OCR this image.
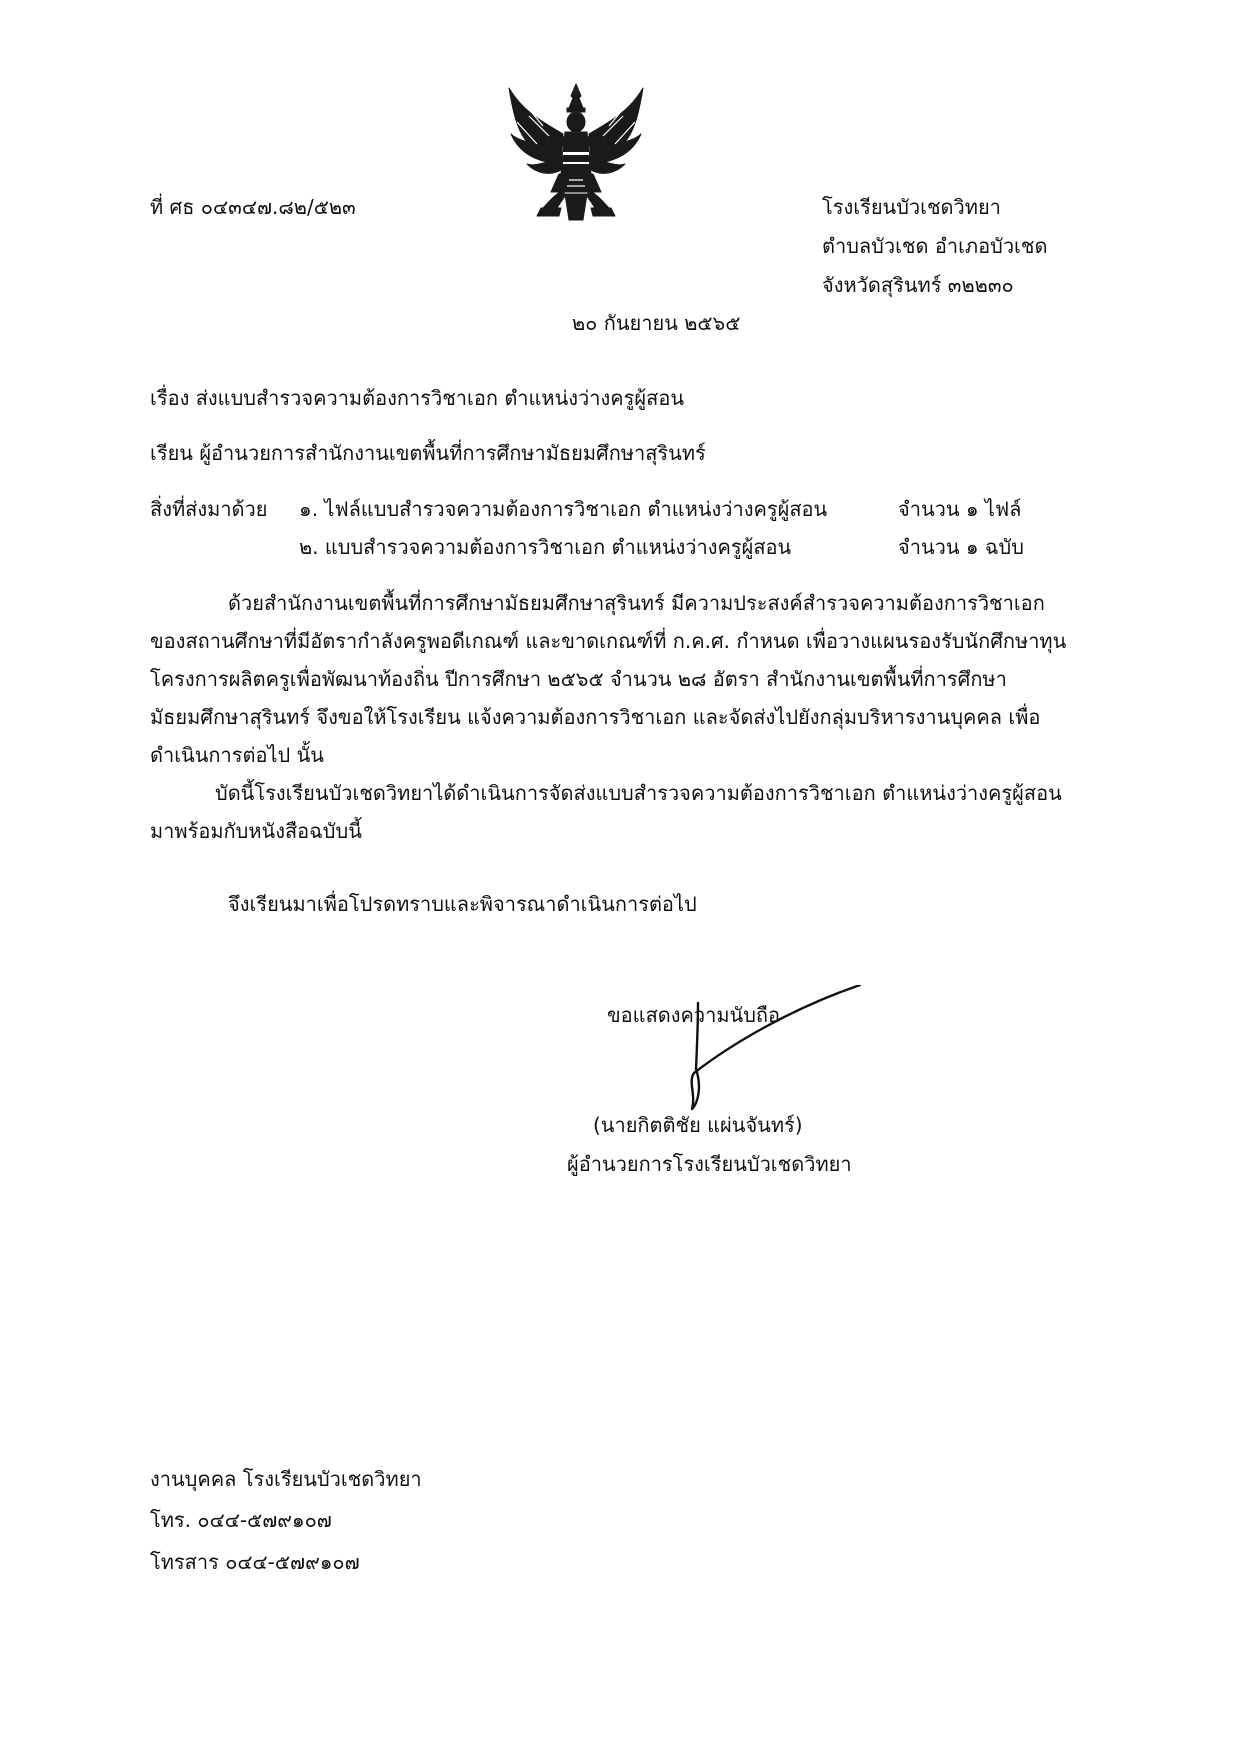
ที่ ศธ ๐๔๓๔๗.๘๒/๕๒๓	โรงเรียนบัวเชดวิทยา
ตำบลบัวเชด อำเภอบัวเชด
จังหวัดสุรินทร์ ๓๒๒๓๐
๒๐ กันยายน ๒๕๖๕
เรื่อง ส่งแบบสำรวจความต้องการวิชาเอก ตำแหน่งว่างครูผู้สอน
เรียน ผู้อำนวยการสำนักงานเขตพื้นที่การศึกษามัธยมศึกษาสุรินทร์
สิ่งที่ส่งมาด้วย ๑. ไฟล์แบบสำรวจความต้องการวิชาเอก ตำแหน่งว่างครูผู้สอน	จำนวน ๑ ไฟล์
๒. แบบสำรวจความต้องการวิชาเอก ตำแหน่งว่างครูผู้สอน	จำนวน ๑ ฉบับ
ด้วยสำนักงานเขตพื้นที่การศึกษามัธยมศึกษาสุรินทร์ มีความประสงค์สำรวจความต้องการวิชาเอก
ของสถานศึกษาที่มีอัตรากำลังครูพอดีเกณฑ์ และขาดเกณฑ์ที่ ก.ค.ศ. กำหนด เพื่อวางแผนรองรับนักศึกษาทุน
โครงการผลิตครูเพื่อพัฒนาท้องถิ่น ปีการศึกษา ๒๕๖๕ จำนวน ๒๘ อัตรา สำนักงานเขตพื้นที่การศึกษา
มัธยมศึกษาสุรินทร์ จึงขอให้โรงเรียน แจ้งความต้องการวิชาเอก และจัดส่งไปยังกลุ่มบริหารงานบุคคล เพื่อ
ดำเนินการต่อไป นั้น
บัดนี้โรงเรียนบัวเชดวิทยาได้ดำเนินการจัดส่งแบบสำรวจความต้องการวิชาเอก ตำแหน่งว่างครูผู้สอน
มาพร้อมกับหนังสือฉบับนี้
จึงเรียนมาเพื่อโปรดทราบและพิจารณาดำเนินการต่อไป
ขอแสดงความนับถือ
(นายกิตติชัย แผ่นจันทร์)
ผู้อำนวยการโรงเรียนบัวเชดวิทยา
งานบุคคล โรงเรียนบัวเชดวิทยา
โทร. ๐๔๔-๕๗๙๑๐๗
โทรสาร ๐๔๔-๕๗๙๑๐๗
